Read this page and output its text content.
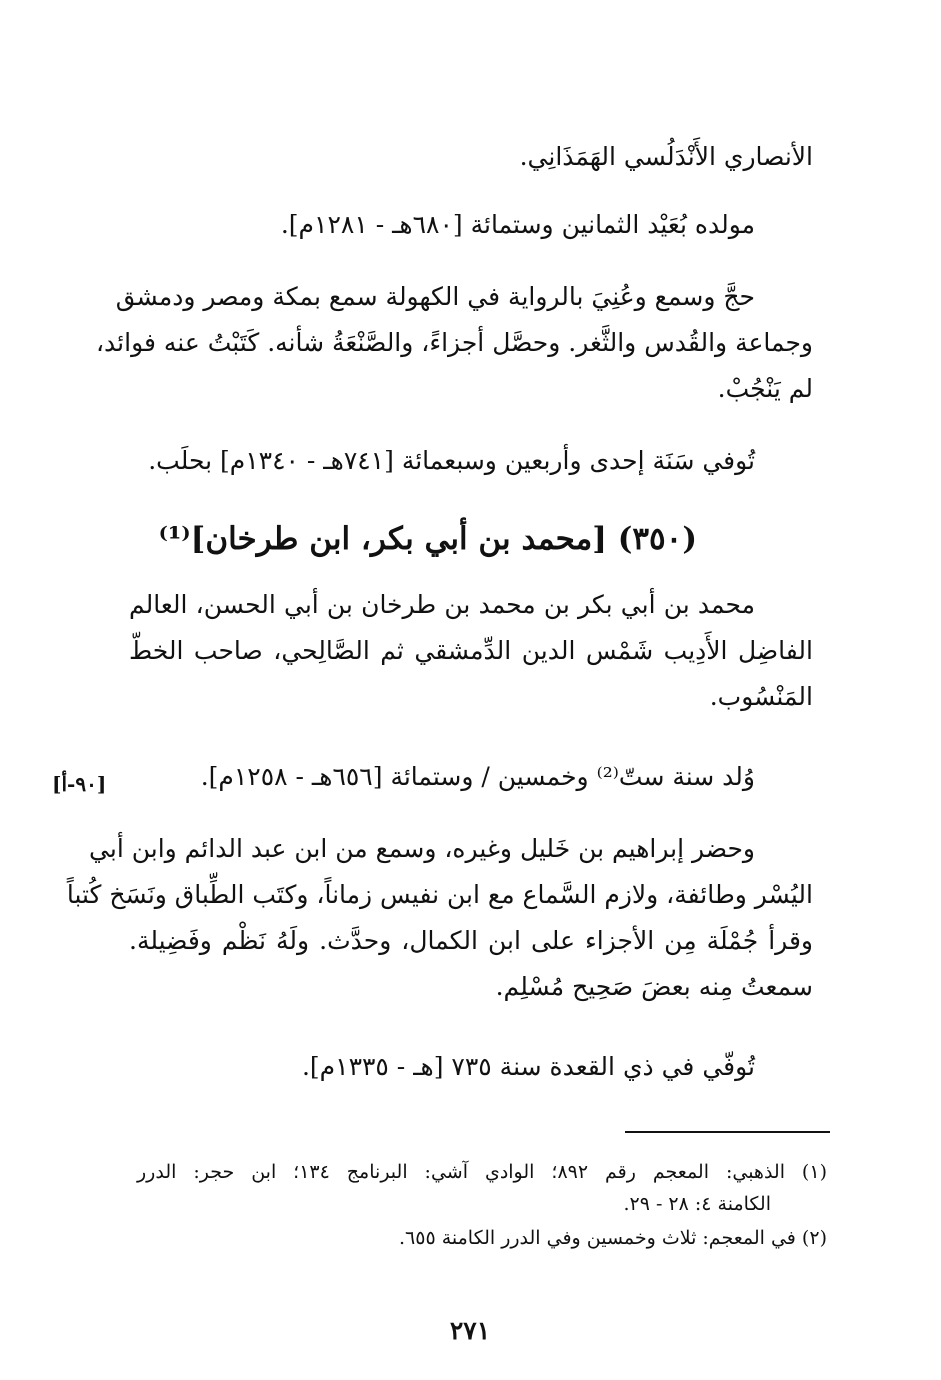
الأنصاري الأَنْدَلُسي الهَمَذَانِي.
مولده بُعَيْد الثمانين وستمائة [٦٨٠هـ - ١٢٨١م].
حجَّ وسمع وعُنِيَ بالرواية في الكهولة سمع بمكة ومصر ودمشق
وجماعة والقُدس والثَّغر. وحصَّل أجزاءً، والصَّنْعَةُ شأنه. كَتَبْتُ عنه فوائد،
لم يَنْجُبْ.
تُوفي سَنَة إحدى وأربعين وسبعمائة [٧٤١هـ - ١٣٤٠م] بحلَب.
(٣٥٠) [محمد بن أبي بكر، ابن طرخان]⁽¹⁾
محمد بن أبي بكر بن محمد بن طرخان بن أبي الحسن، العالم
الفاضِل الأَدِيب شَمْس الدين الدِّمشقي ثم الصَّالِحي، صاحب الخطّ
المَنْسُوب.
وُلد سنة ستّ⁽²⁾ وخمسين / وستمائة [٦٥٦هـ - ١٢٥٨م].
[٩٠-أ]
وحضر إبراهيم بن خَليل وغيره، وسمع من ابن عبد الدائم وابن أبي
اليُسْر وطائفة، ولازم السَّماع مع ابن نفيس زماناً، وكتَب الطِّباق ونَسَخ كُتباً
وقرأ جُمْلَة مِن الأجزاء على ابن الكمال، وحدَّث. ولَهُ نَظْم وفَضِيلة.
سمعتُ مِنه بعضَ صَحِيح مُسْلِم.
تُوفّي في ذي القعدة سنة ٧٣٥ [هـ - ١٣٣٥م].
(١) الذهبي: المعجم رقم ٨٩٢؛ الوادي آشي: البرنامج ١٣٤؛ ابن حجر: الدرر
الكامنة ٤: ٢٨ - ٢٩.
(٢) في المعجم: ثلاث وخمسين وفي الدرر الكامنة ٦٥٥.
٢٧١
